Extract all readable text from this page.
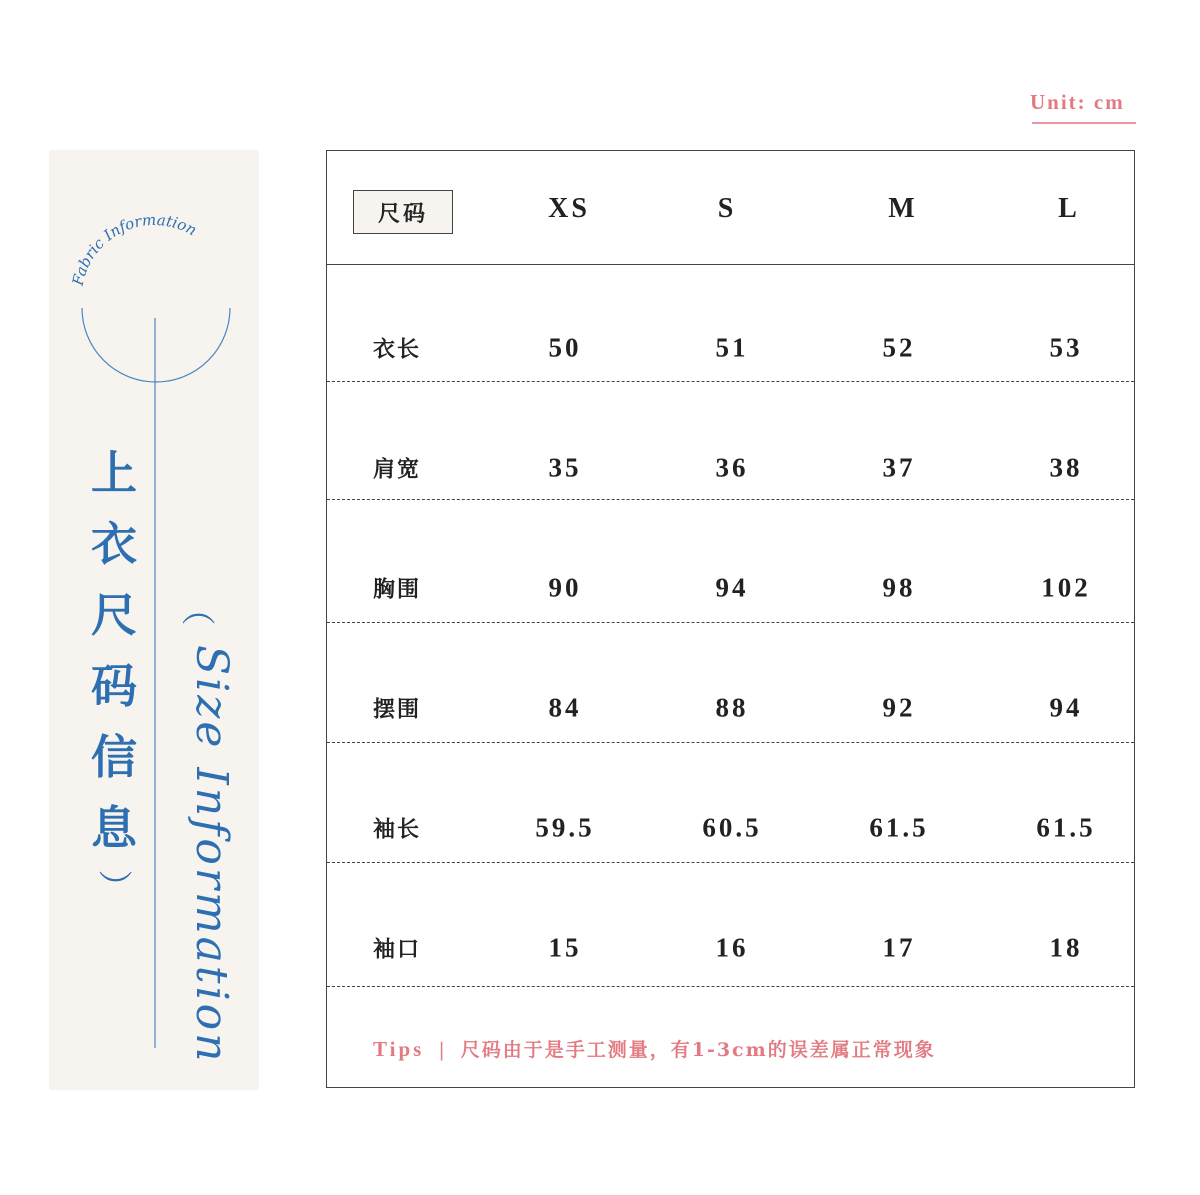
Unit: cm
Fabric Information
上
衣
尺
码
信
息
（
Size Information
）
尺码	XS	S	M	L
衣长	50	51	52	53
肩宽	35	36	37	38
胸围	90	94	98	102
摆围	84	88	92	94
袖长	59.5	60.5	61.5	61.5
袖口	15	16	17	18
Tips | 尺码由于是手工测量，有1-3cm的误差属正常现象
